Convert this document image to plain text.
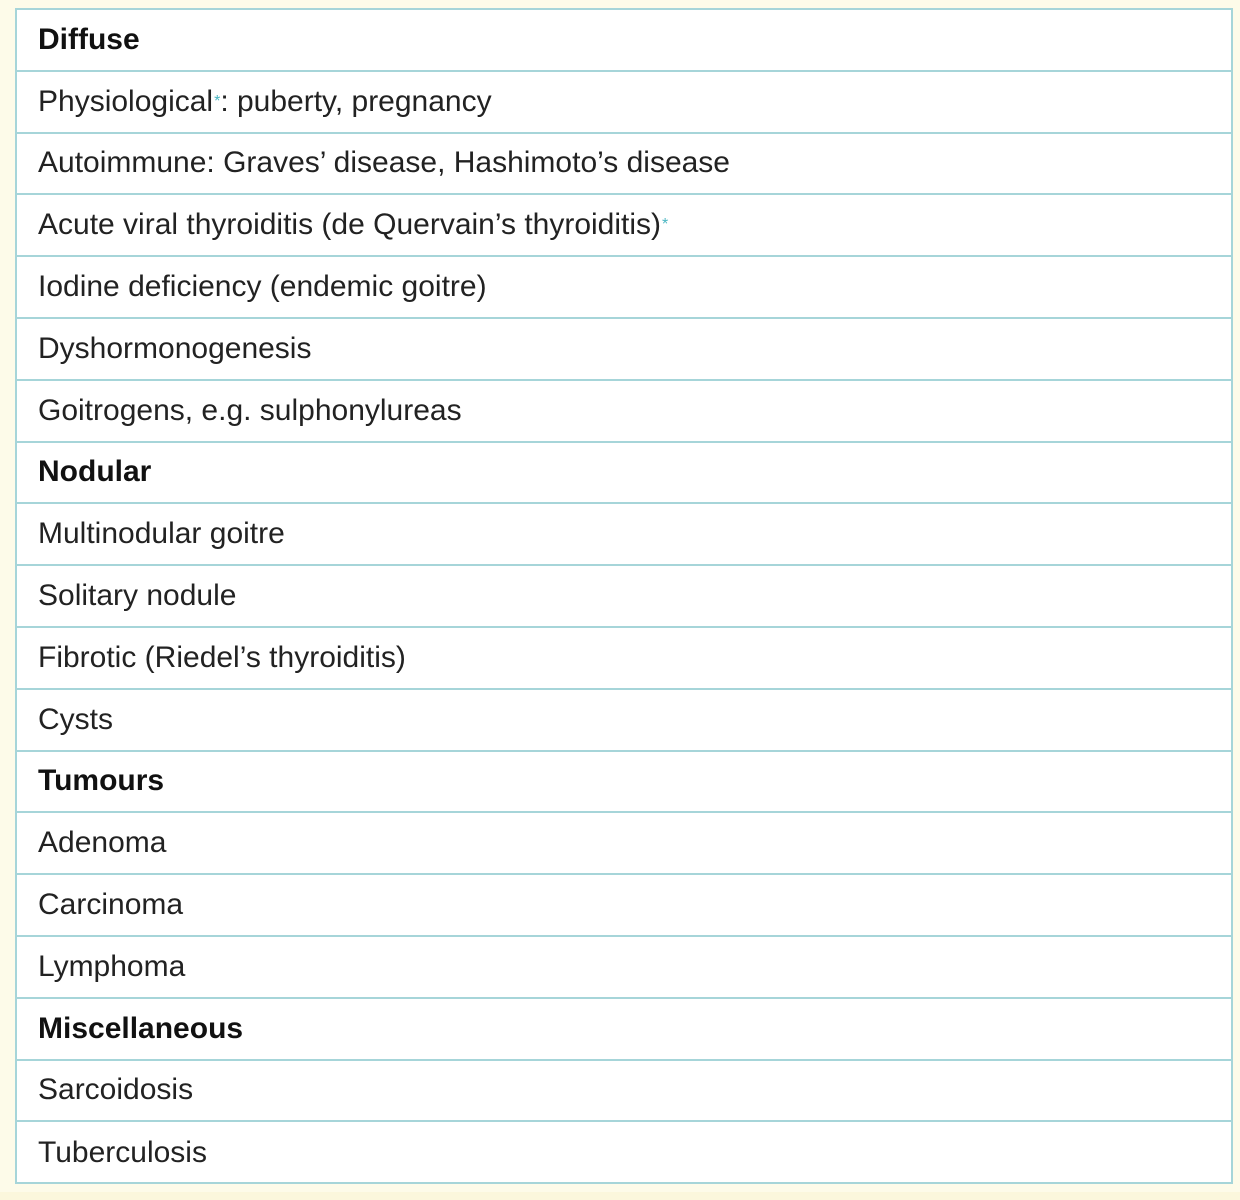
Diffuse
Physiological * : puberty, pregnancy
Autoimmune: Graves’ disease, Hashimoto’s disease
Acute viral thyroiditis (de Quervain’s thyroiditis) *
Iodine deficiency (endemic goitre)
Dyshormonogenesis
Goitrogens, e.g. sulphonylureas
Nodular
Multinodular goitre
Solitary nodule
Fibrotic (Riedel’s thyroiditis)
Cysts
Tumours
Adenoma
Carcinoma
Lymphoma
Miscellaneous
Sarcoidosis
Tuberculosis
